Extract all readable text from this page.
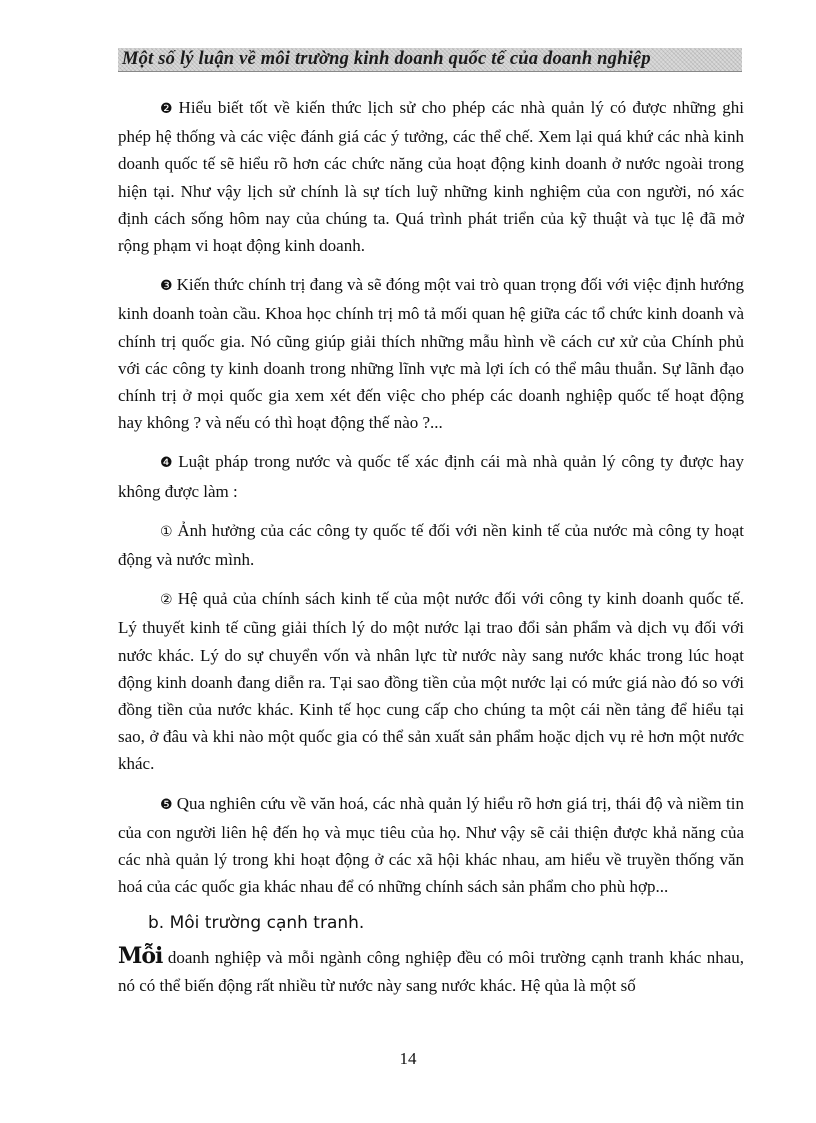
Một số lý luận về môi trường kinh doanh quốc tế của doanh nghiệp

❷ Hiểu biết tốt về kiến thức lịch sử cho phép các nhà quản lý có được những ghi phép hệ thống và các việc đánh giá các ý tưởng, các thể chế. Xem lại quá khứ các nhà kinh doanh quốc tế sẽ hiểu rõ hơn các chức năng của hoạt động kinh doanh ở nước ngoài trong hiện tại. Như vậy lịch sử chính là sự tích luỹ những kinh nghiệm của con người, nó xác định cách sống hôm nay của chúng ta. Quá trình phát triển của kỹ thuật và tục lệ đã mở rộng phạm vi hoạt động kinh doanh.

❸ Kiến thức chính trị đang và sẽ đóng một vai trò quan trọng đối với việc định hướng kinh doanh toàn cầu. Khoa học chính trị mô tả mối quan hệ giữa các tổ chức kinh doanh và chính trị quốc gia. Nó cũng giúp giải thích những mẫu hình về cách cư xử của Chính phủ với các công ty kinh doanh trong những lĩnh vực mà lợi ích có thể mâu thuẫn. Sự lãnh đạo chính trị ở mọi quốc gia xem xét đến việc cho phép các doanh nghiệp quốc tế hoạt động hay không ? và nếu có thì hoạt động thế nào ?...

❹ Luật pháp trong nước và quốc tế xác định cái mà nhà quản lý công ty được hay không được làm :

① Ảnh hưởng của các công ty quốc tế đối với nền kinh tế của nước mà công ty hoạt động và nước mình.

② Hệ quả của chính sách kinh tế của một nước đối với công ty kinh doanh quốc tế. Lý thuyết kinh tế cũng giải thích lý do một nước lại trao đổi sản phẩm và dịch vụ đối với nước khác. Lý do sự chuyển vốn và nhân lực từ nước này sang nước khác trong lúc hoạt động kinh doanh đang diễn ra. Tại sao đồng tiền của một nước lại có mức giá nào đó so với đồng tiền của nước khác. Kinh tế học cung cấp cho chúng ta một cái nền tảng để hiểu tại sao, ở đâu và khi nào một quốc gia có thể sản xuất sản phẩm hoặc dịch vụ rẻ hơn một nước khác.

❺ Qua nghiên cứu về văn hoá, các nhà quản lý hiểu rõ hơn giá trị, thái độ và niềm tin của con người liên hệ đến họ và mục tiêu của họ. Như vậy sẽ cải thiện được khả năng của các nhà quản lý trong khi hoạt động ở các xã hội khác nhau, am hiểu về truyền thống văn hoá của các quốc gia khác nhau để có những chính sách sản phẩm cho phù hợp...

b. Môi trường cạnh tranh.

Mỗi doanh nghiệp và mỗi ngành công nghiệp đều có môi trường cạnh tranh khác nhau, nó có thể biến động rất nhiều từ nước này sang nước khác. Hệ qủa là một số

14
